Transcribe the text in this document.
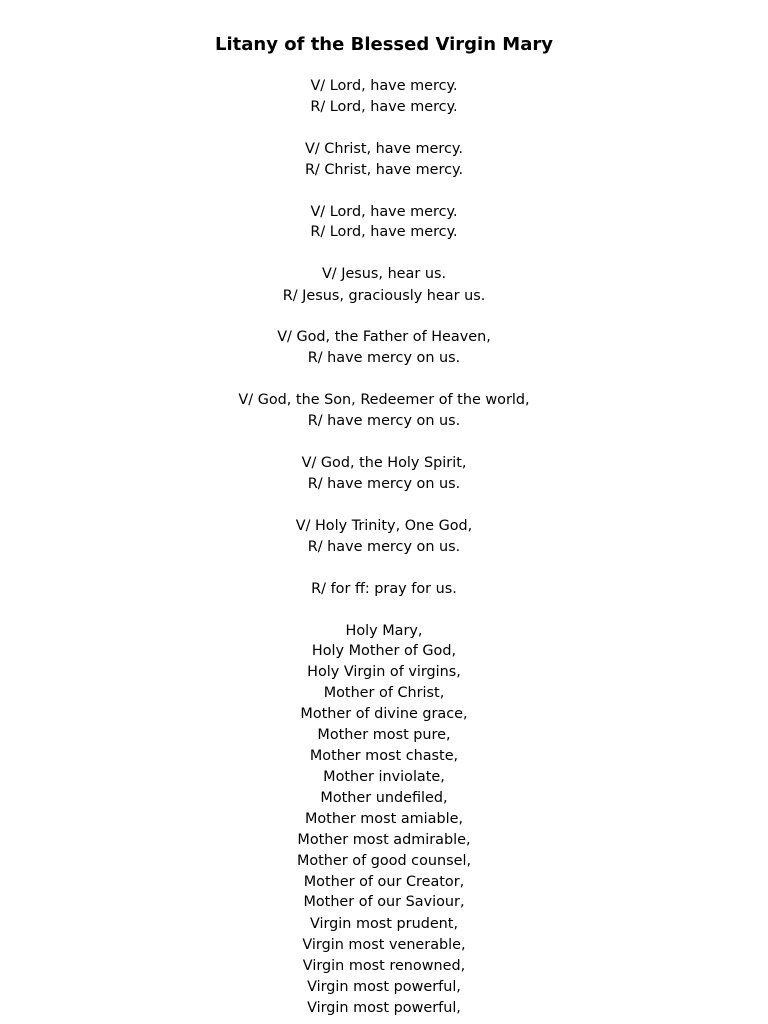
Litany of the Blessed Virgin Mary
V/ Lord, have mercy.
R/ Lord, have mercy.
V/ Christ, have mercy.
R/ Christ, have mercy.
V/ Lord, have mercy.
R/ Lord, have mercy.
V/ Jesus, hear us.
R/ Jesus, graciously hear us.
V/ God, the Father of Heaven,
R/ have mercy on us.
V/ God, the Son, Redeemer of the world,
R/ have mercy on us.
V/ God, the Holy Spirit,
R/ have mercy on us.
V/ Holy Trinity, One God,
R/ have mercy on us.
R/ for ff: pray for us.
Holy Mary,
Holy Mother of God,
Holy Virgin of virgins,
Mother of Christ,
Mother of divine grace,
Mother most pure,
Mother most chaste,
Mother inviolate,
Mother undefiled,
Mother most amiable,
Mother most admirable,
Mother of good counsel,
Mother of our Creator,
Mother of our Saviour,
Virgin most prudent,
Virgin most venerable,
Virgin most renowned,
Virgin most powerful,
Virgin most powerful,
